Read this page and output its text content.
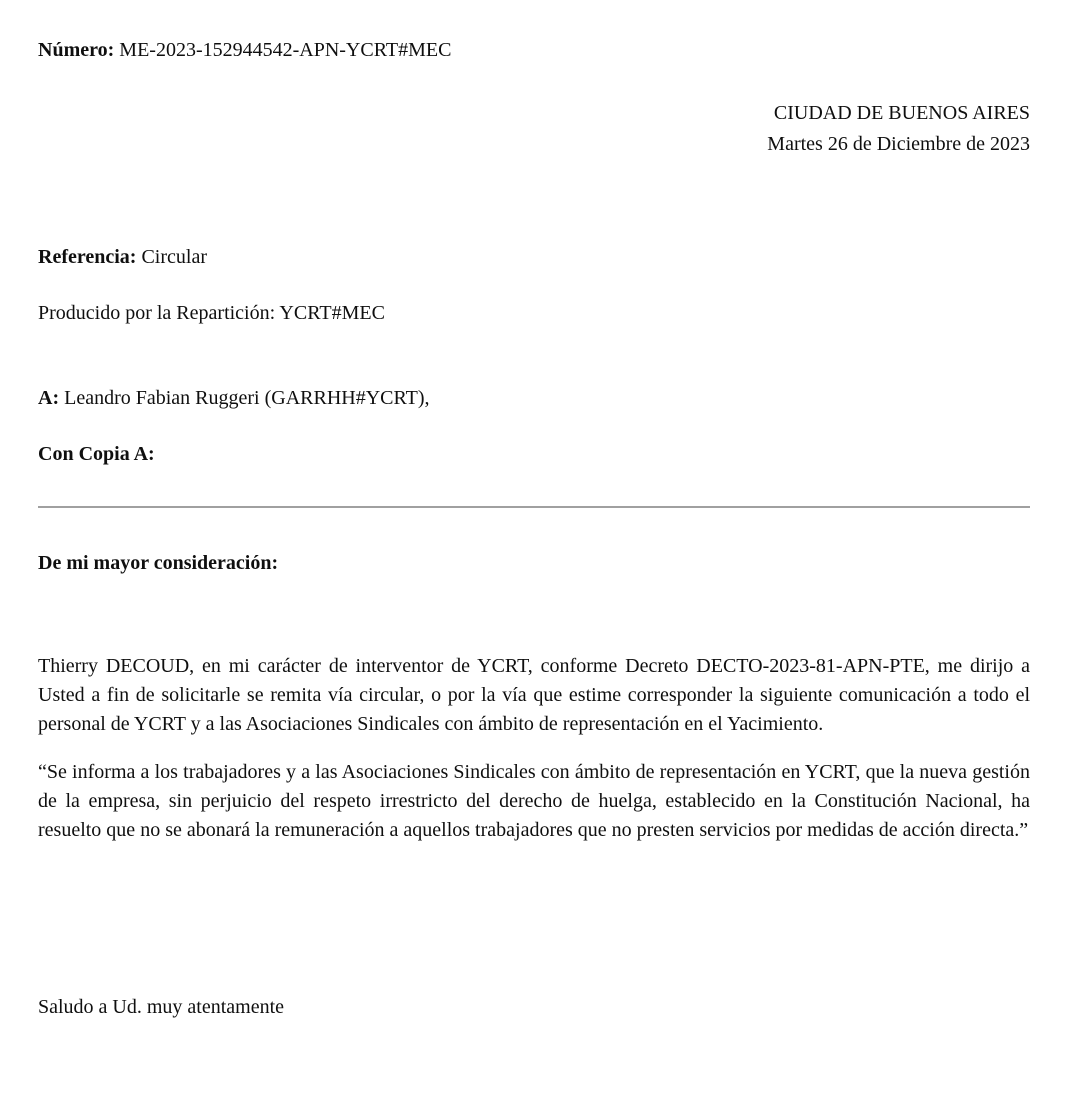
Número: ME-2023-152944542-APN-YCRT#MEC
CIUDAD DE BUENOS AIRES
Martes 26 de Diciembre de 2023
Referencia: Circular
Producido por la Repartición: YCRT#MEC
A: Leandro Fabian Ruggeri (GARRHH#YCRT),
Con Copia A:
De mi mayor consideración:
Thierry DECOUD, en mi carácter de interventor de YCRT, conforme Decreto DECTO-2023-81-APN-PTE, me dirijo a Usted a fin de solicitarle se remita vía circular, o por la vía que estime corresponder la siguiente comunicación a todo el personal de YCRT y a las Asociaciones Sindicales con ámbito de representación en el Yacimiento.
“Se informa a los trabajadores y a las Asociaciones Sindicales con ámbito de representación en YCRT, que la nueva gestión de la empresa, sin perjuicio del respeto irrestricto del derecho de huelga, establecido en la Constitución Nacional, ha resuelto que no se abonará la remuneración a aquellos trabajadores que no presten servicios por medidas de acción directa.”
Saludo a Ud. muy atentamente
